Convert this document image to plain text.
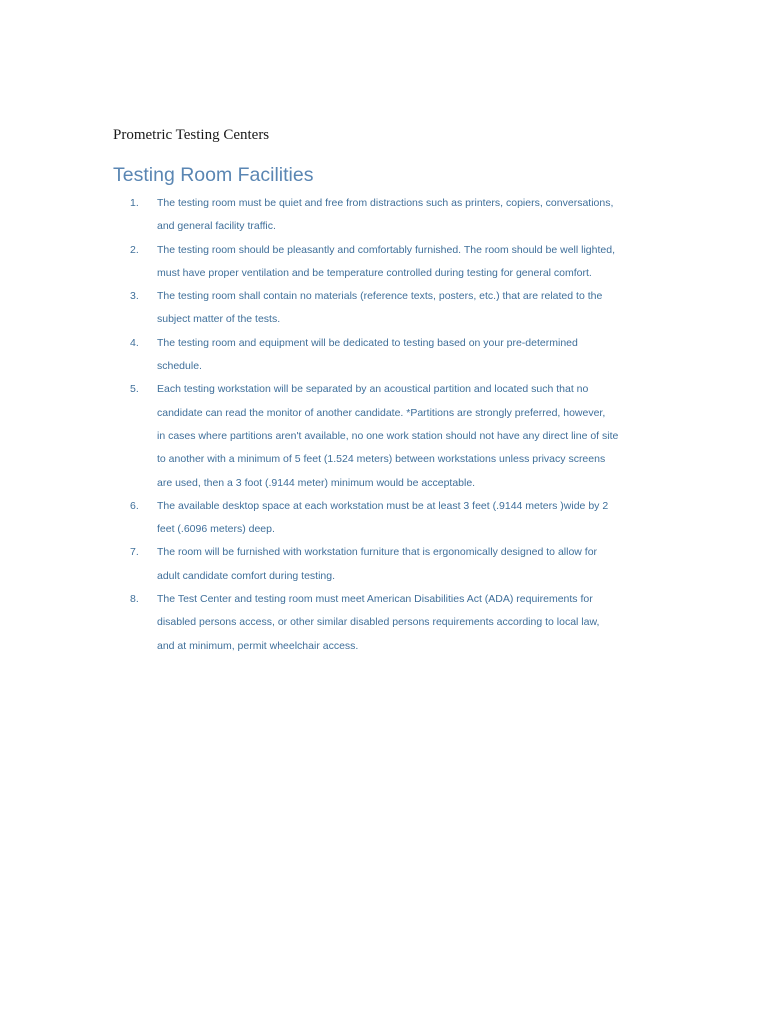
Prometric Testing Centers
Testing Room Facilities
1.	The testing room must be quiet and free from distractions such as printers, copiers, conversations,
and general facility traffic.
2.	The testing room should be pleasantly and comfortably furnished. The room should be well lighted,
must have proper ventilation and be temperature controlled during testing for general comfort.
3.	The testing room shall contain no materials (reference texts, posters, etc.) that are related to the
subject matter of the tests.
4.	The testing room and equipment will be dedicated to testing based on your pre-determined
schedule.
5.	Each testing workstation will be separated by an acoustical partition and located such that no
candidate can read the monitor of another candidate. *Partitions are strongly preferred, however,
in cases where partitions aren't available, no one work station should not have any direct line of site
to another with a minimum of 5 feet (1.524 meters) between workstations unless privacy screens
are used, then a 3 foot (.9144 meter) minimum would be acceptable.
6.	The available desktop space at each workstation must be at least 3 feet (.9144 meters )wide by 2
feet (.6096 meters) deep.
7.	The room will be furnished with workstation furniture that is ergonomically designed to allow for
adult candidate comfort during testing.
8.	The Test Center and testing room must meet American Disabilities Act (ADA) requirements for
disabled persons access, or other similar disabled persons requirements according to local law,
and at minimum, permit wheelchair access.
